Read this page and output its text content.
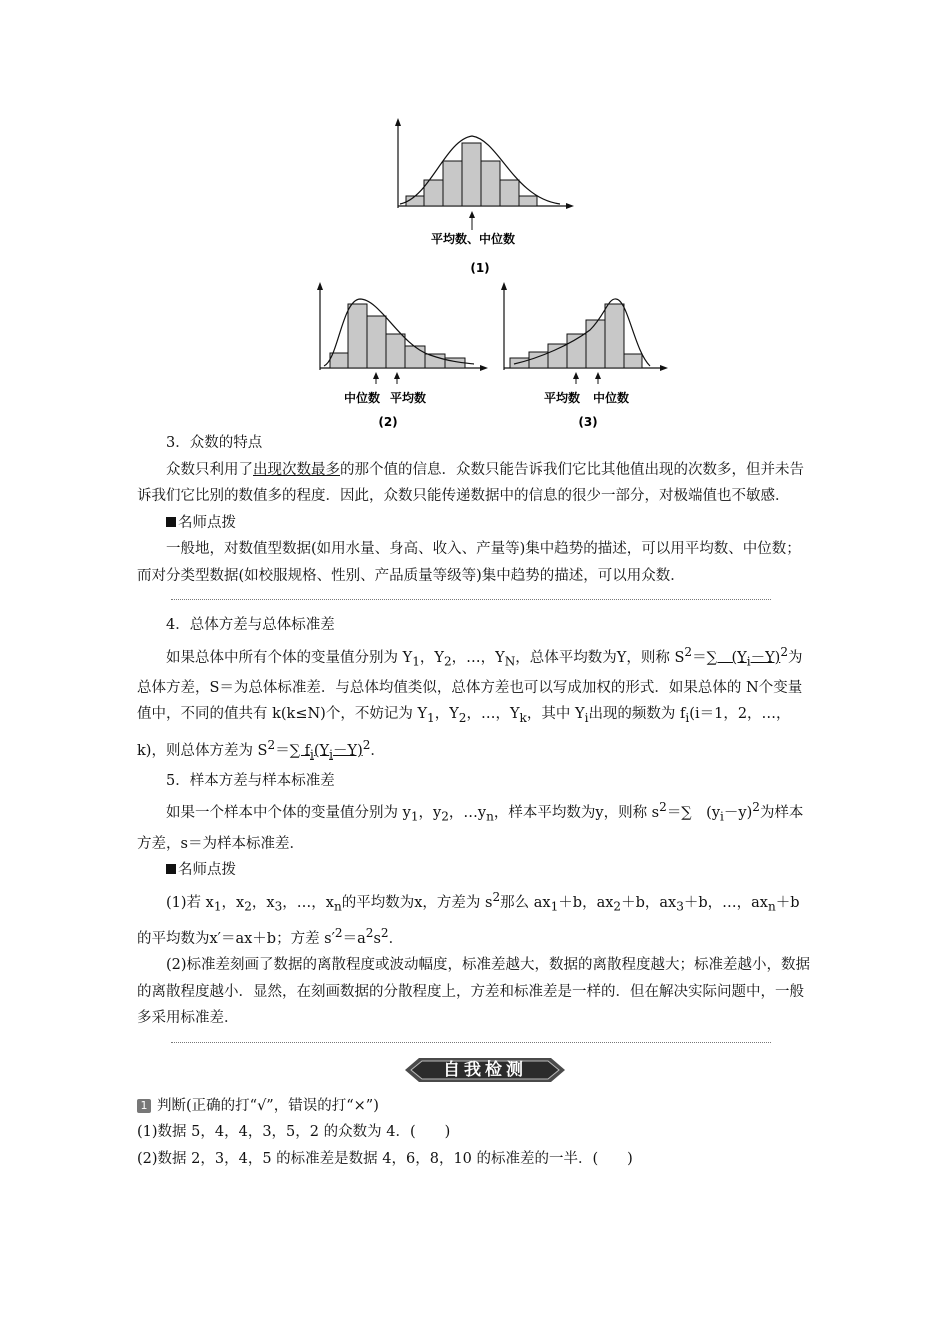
平均数、中位数
(1)
中位数 平均数
(2)
平均数 中位数
(3)

3．众数的特点

众数只利用了出现次数最多的那个值的信息．众数只能告诉我们它比其他值出现的次数多，但并未告诉我们它比别的数值多的程度．因此，众数只能传递数据中的信息的很少一部分，对极端值也不敏感．

名师点拨

一般地，对数值型数据(如用水量、身高、收入、产量等)集中趋势的描述，可以用平均数、中位数；而对分类型数据(如校服规格、性别、产品质量等级等)集中趋势的描述，可以用众数．

4．总体方差与总体标准差

如果总体中所有个体的变量值分别为 $Y_1$，$Y_2$，…，$Y_N$，总体平均数为Y，则称 $S^2=\sum$　$(Y_i-Y)^2$为总体方差，S＝为总体标准差．与总体均值类似，总体方差也可以写成加权的形式．如果总体的 N个变量值中，不同的值共有 k(k≤N)个，不妨记为 $Y_1$，$Y_2$，…，$Y_k$，其中 $Y_i$出现的频数为 $f_i(i=1$，2，…，k)，则总体方差为 $S^2=\sum$ $f_i(Y_i-Y)^2$．

5．样本方差与样本标准差

如果一个样本中个体的变量值分别为 $y_1$，$y_2$，$\dots y_n$，样本平均数为y，则称 $s^2=\sum$　$(y_i-y)^2$为样本方差，s＝为样本标准差．

名师点拨

(1)若 $x_1$，$x_2$，$x_3$，…，$x_n$的平均数为x，方差为 $s^2$那么 $ax_1+b$，$ax_2+b$，$ax_3+b$，…，$ax_n+b$ 的平均数为x′＝ax＋b；方差 $s'^2=a^2s^2$．

(2)标准差刻画了数据的离散程度或波动幅度，标准差越大，数据的离散程度越大；标准差越小，数据的离散程度越小．显然，在刻画数据的分散程度上，方差和标准差是一样的．但在解决实际问题中，一般多采用标准差．

自我检测

1 判断(正确的打“√”，错误的打“×”)

(1)数据 5，4，4，3，5，2 的众数为 4．(　　)

(2)数据 2，3，4，5 的标准差是数据 4，6，8，10 的标准差的一半．(　　)
